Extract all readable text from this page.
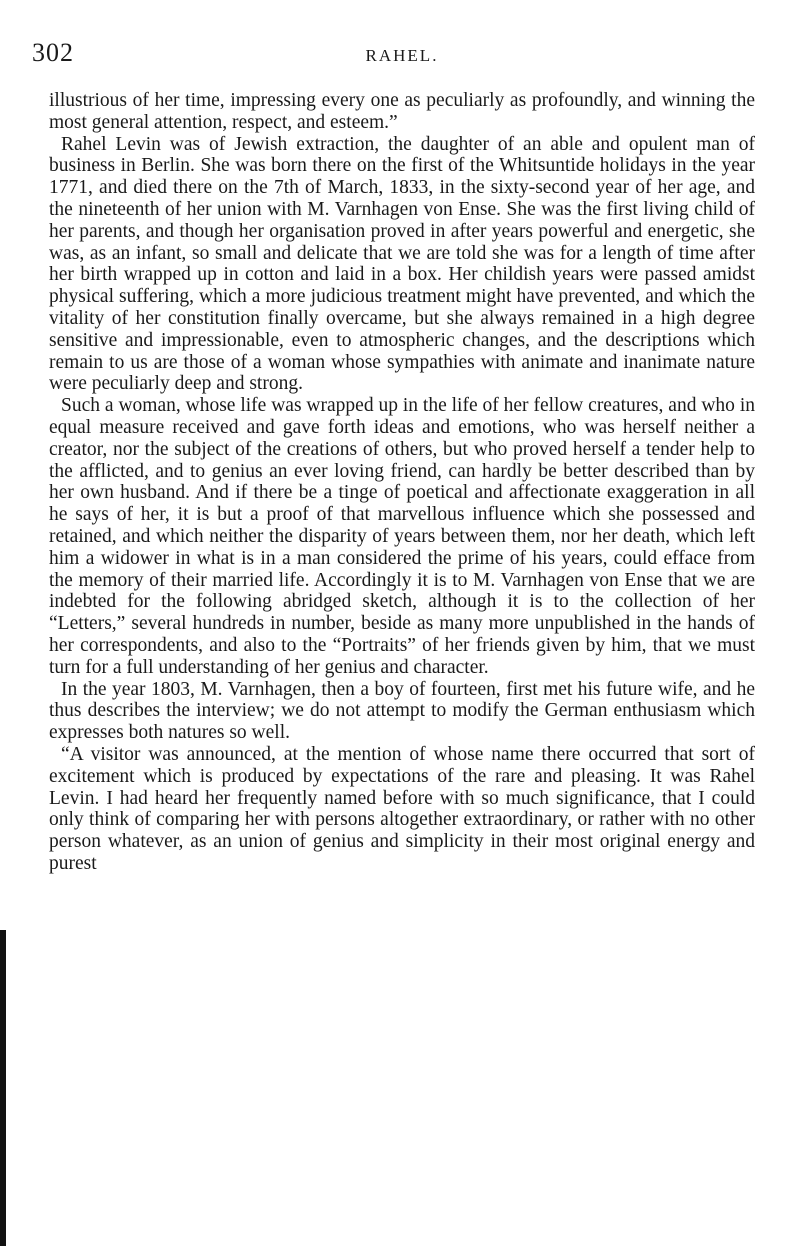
302	RAHEL.

illustrious of her time, impressing every one as peculiarly as profoundly, and winning the most general attention, respect, and esteem.”

Rahel Levin was of Jewish extraction, the daughter of an able and opulent man of business in Berlin. She was born there on the first of the Whitsuntide holidays in the year 1771, and died there on the 7th of March, 1833, in the sixty-second year of her age, and the nineteenth of her union with M. Varnhagen von Ense. She was the first living child of her parents, and though her organisation proved in after years powerful and energetic, she was, as an infant, so small and delicate that we are told she was for a length of time after her birth wrapped up in cotton and laid in a box. Her childish years were passed amidst physical suffering, which a more judicious treatment might have prevented, and which the vitality of her constitution finally overcame, but she always remained in a high degree sensitive and impressionable, even to atmospheric changes, and the descriptions which remain to us are those of a woman whose sympathies with animate and inanimate nature were peculiarly deep and strong.

Such a woman, whose life was wrapped up in the life of her fellow creatures, and who in equal measure received and gave forth ideas and emotions, who was herself neither a creator, nor the subject of the creations of others, but who proved herself a tender help to the afflicted, and to genius an ever loving friend, can hardly be better described than by her own husband. And if there be a tinge of poetical and affectionate exaggeration in all he says of her, it is but a proof of that marvellous influence which she possessed and retained, and which neither the disparity of years between them, nor her death, which left him a widower in what is in a man considered the prime of his years, could efface from the memory of their married life. Accordingly it is to M. Varnhagen von Ense that we are indebted for the following abridged sketch, although it is to the collection of her “Letters,” several hundreds in number, beside as many more unpublished in the hands of her correspondents, and also to the “Portraits” of her friends given by him, that we must turn for a full understanding of her genius and character.

In the year 1803, M. Varnhagen, then a boy of fourteen, first met his future wife, and he thus describes the interview; we do not attempt to modify the German enthusiasm which expresses both natures so well.

“A visitor was announced, at the mention of whose name there occurred that sort of excitement which is produced by expectations of the rare and pleasing. It was Rahel Levin. I had heard her frequently named before with so much significance, that I could only think of comparing her with persons altogether extraordinary, or rather with no other person whatever, as an union of genius and simplicity in their most original energy and purest
